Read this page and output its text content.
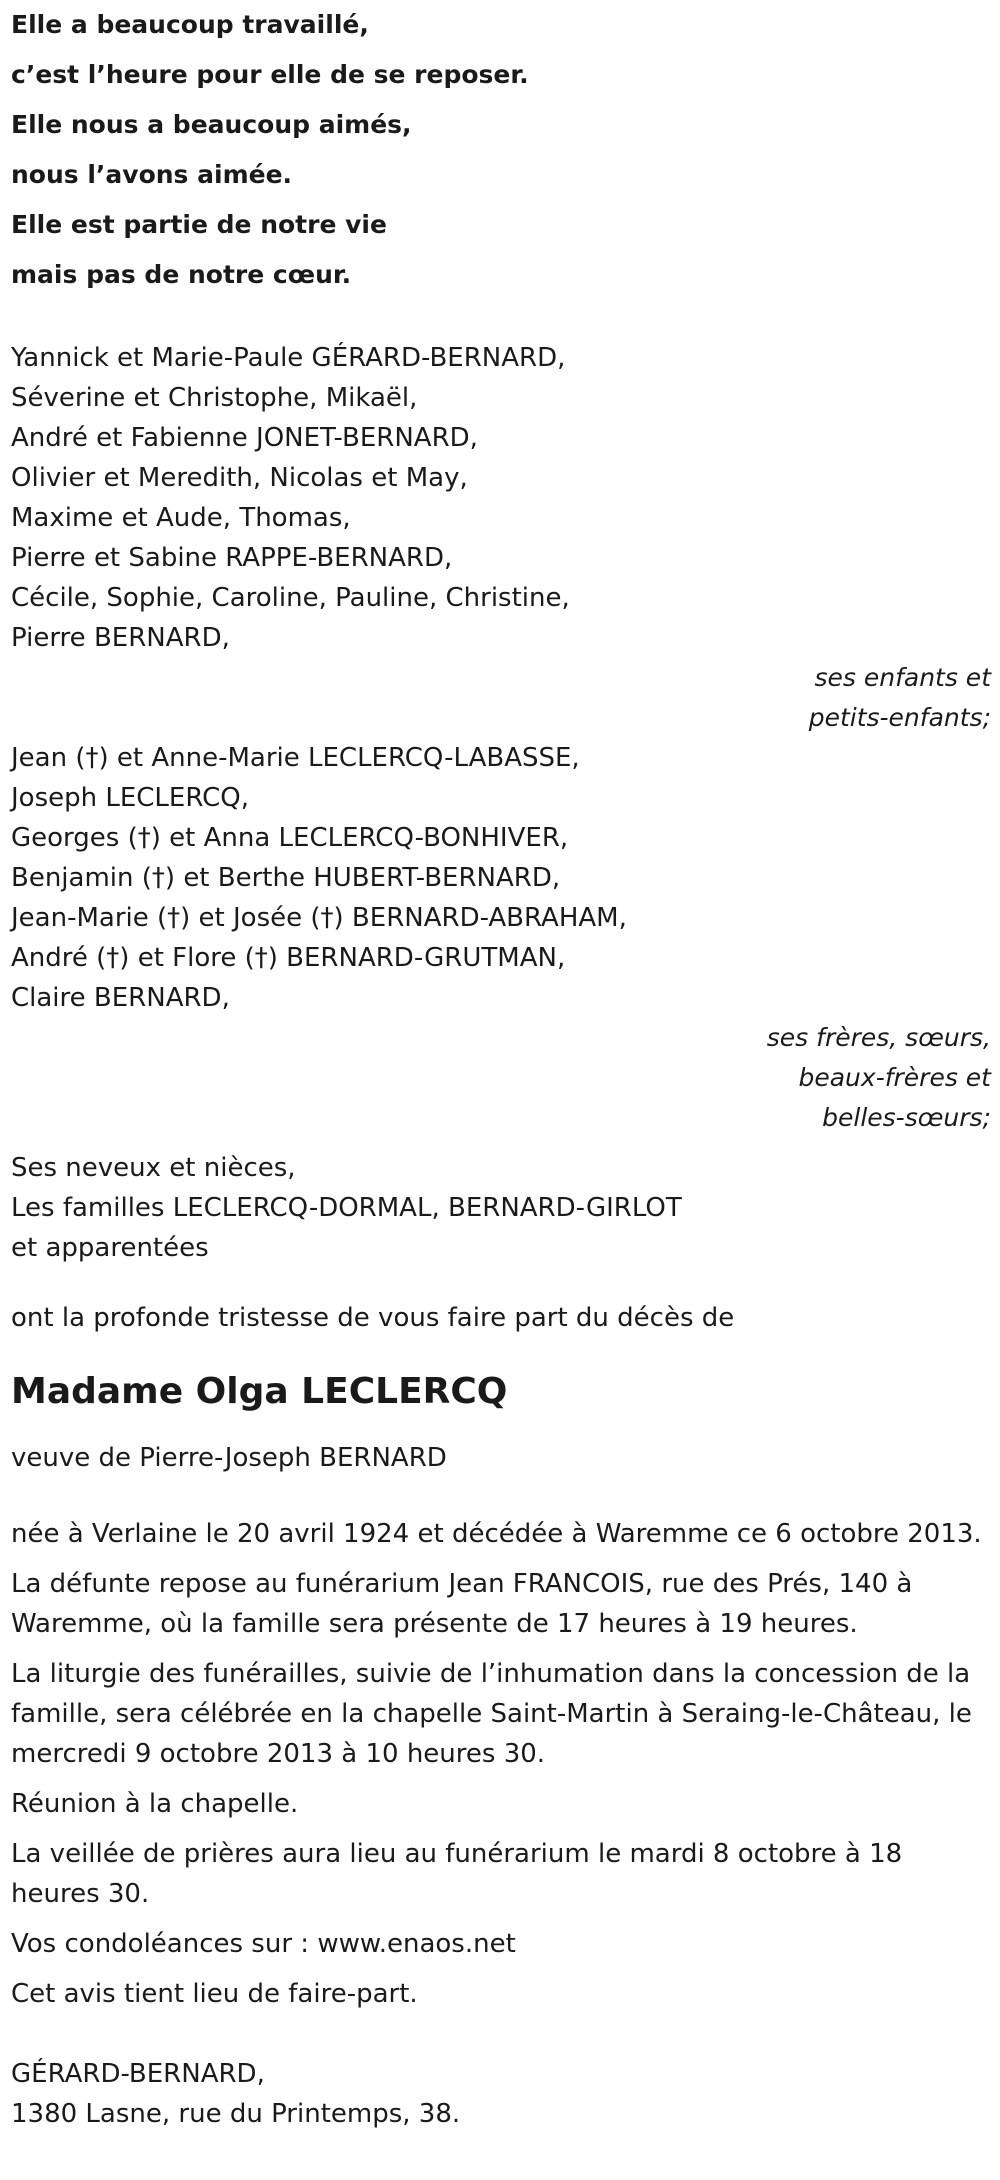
Elle a beaucoup travaillé,

c’est l’heure pour elle de se reposer.

Elle nous a beaucoup aimés,

nous l’avons aimée.

Elle est partie de notre vie

mais pas de notre cœur.

Yannick et Marie-Paule GÉRARD-BERNARD,
Séverine et Christophe, Mikaël,
André et Fabienne JONET-BERNARD,
Olivier et Meredith, Nicolas et May,
Maxime et Aude, Thomas,
Pierre et Sabine RAPPE-BERNARD,
Cécile, Sophie, Caroline, Pauline, Christine,
Pierre BERNARD,
ses enfants et
petits-enfants;
Jean (†) et Anne-Marie LECLERCQ-LABASSE,
Joseph LECLERCQ,
Georges (†) et Anna LECLERCQ-BONHIVER,
Benjamin (†) et Berthe HUBERT-BERNARD,
Jean-Marie (†) et Josée (†) BERNARD-ABRAHAM,
André (†) et Flore (†) BERNARD-GRUTMAN,
Claire BERNARD,
ses frères, sœurs,
beaux-frères et
belles-sœurs;
Ses neveux et nièces,
Les familles LECLERCQ-DORMAL, BERNARD-GIRLOT
et apparentées

ont la profonde tristesse de vous faire part du décès de

Madame Olga LECLERCQ

veuve de Pierre-Joseph BERNARD

née à Verlaine le 20 avril 1924 et décédée à Waremme ce 6 octobre 2013.

La défunte repose au funérarium Jean FRANCOIS, rue des Prés, 140 à Waremme, où la famille sera présente de 17 heures à 19 heures.

La liturgie des funérailles, suivie de l’inhumation dans la concession de la famille, sera célébrée en la chapelle Saint-Martin à Seraing-le-Château, le mercredi 9 octobre 2013 à 10 heures 30.

Réunion à la chapelle.

La veillée de prières aura lieu au funérarium le mardi 8 octobre à 18 heures 30.

Vos condoléances sur : www.enaos.net

Cet avis tient lieu de faire-part.

GÉRARD-BERNARD,
1380 Lasne, rue du Printemps, 38.
